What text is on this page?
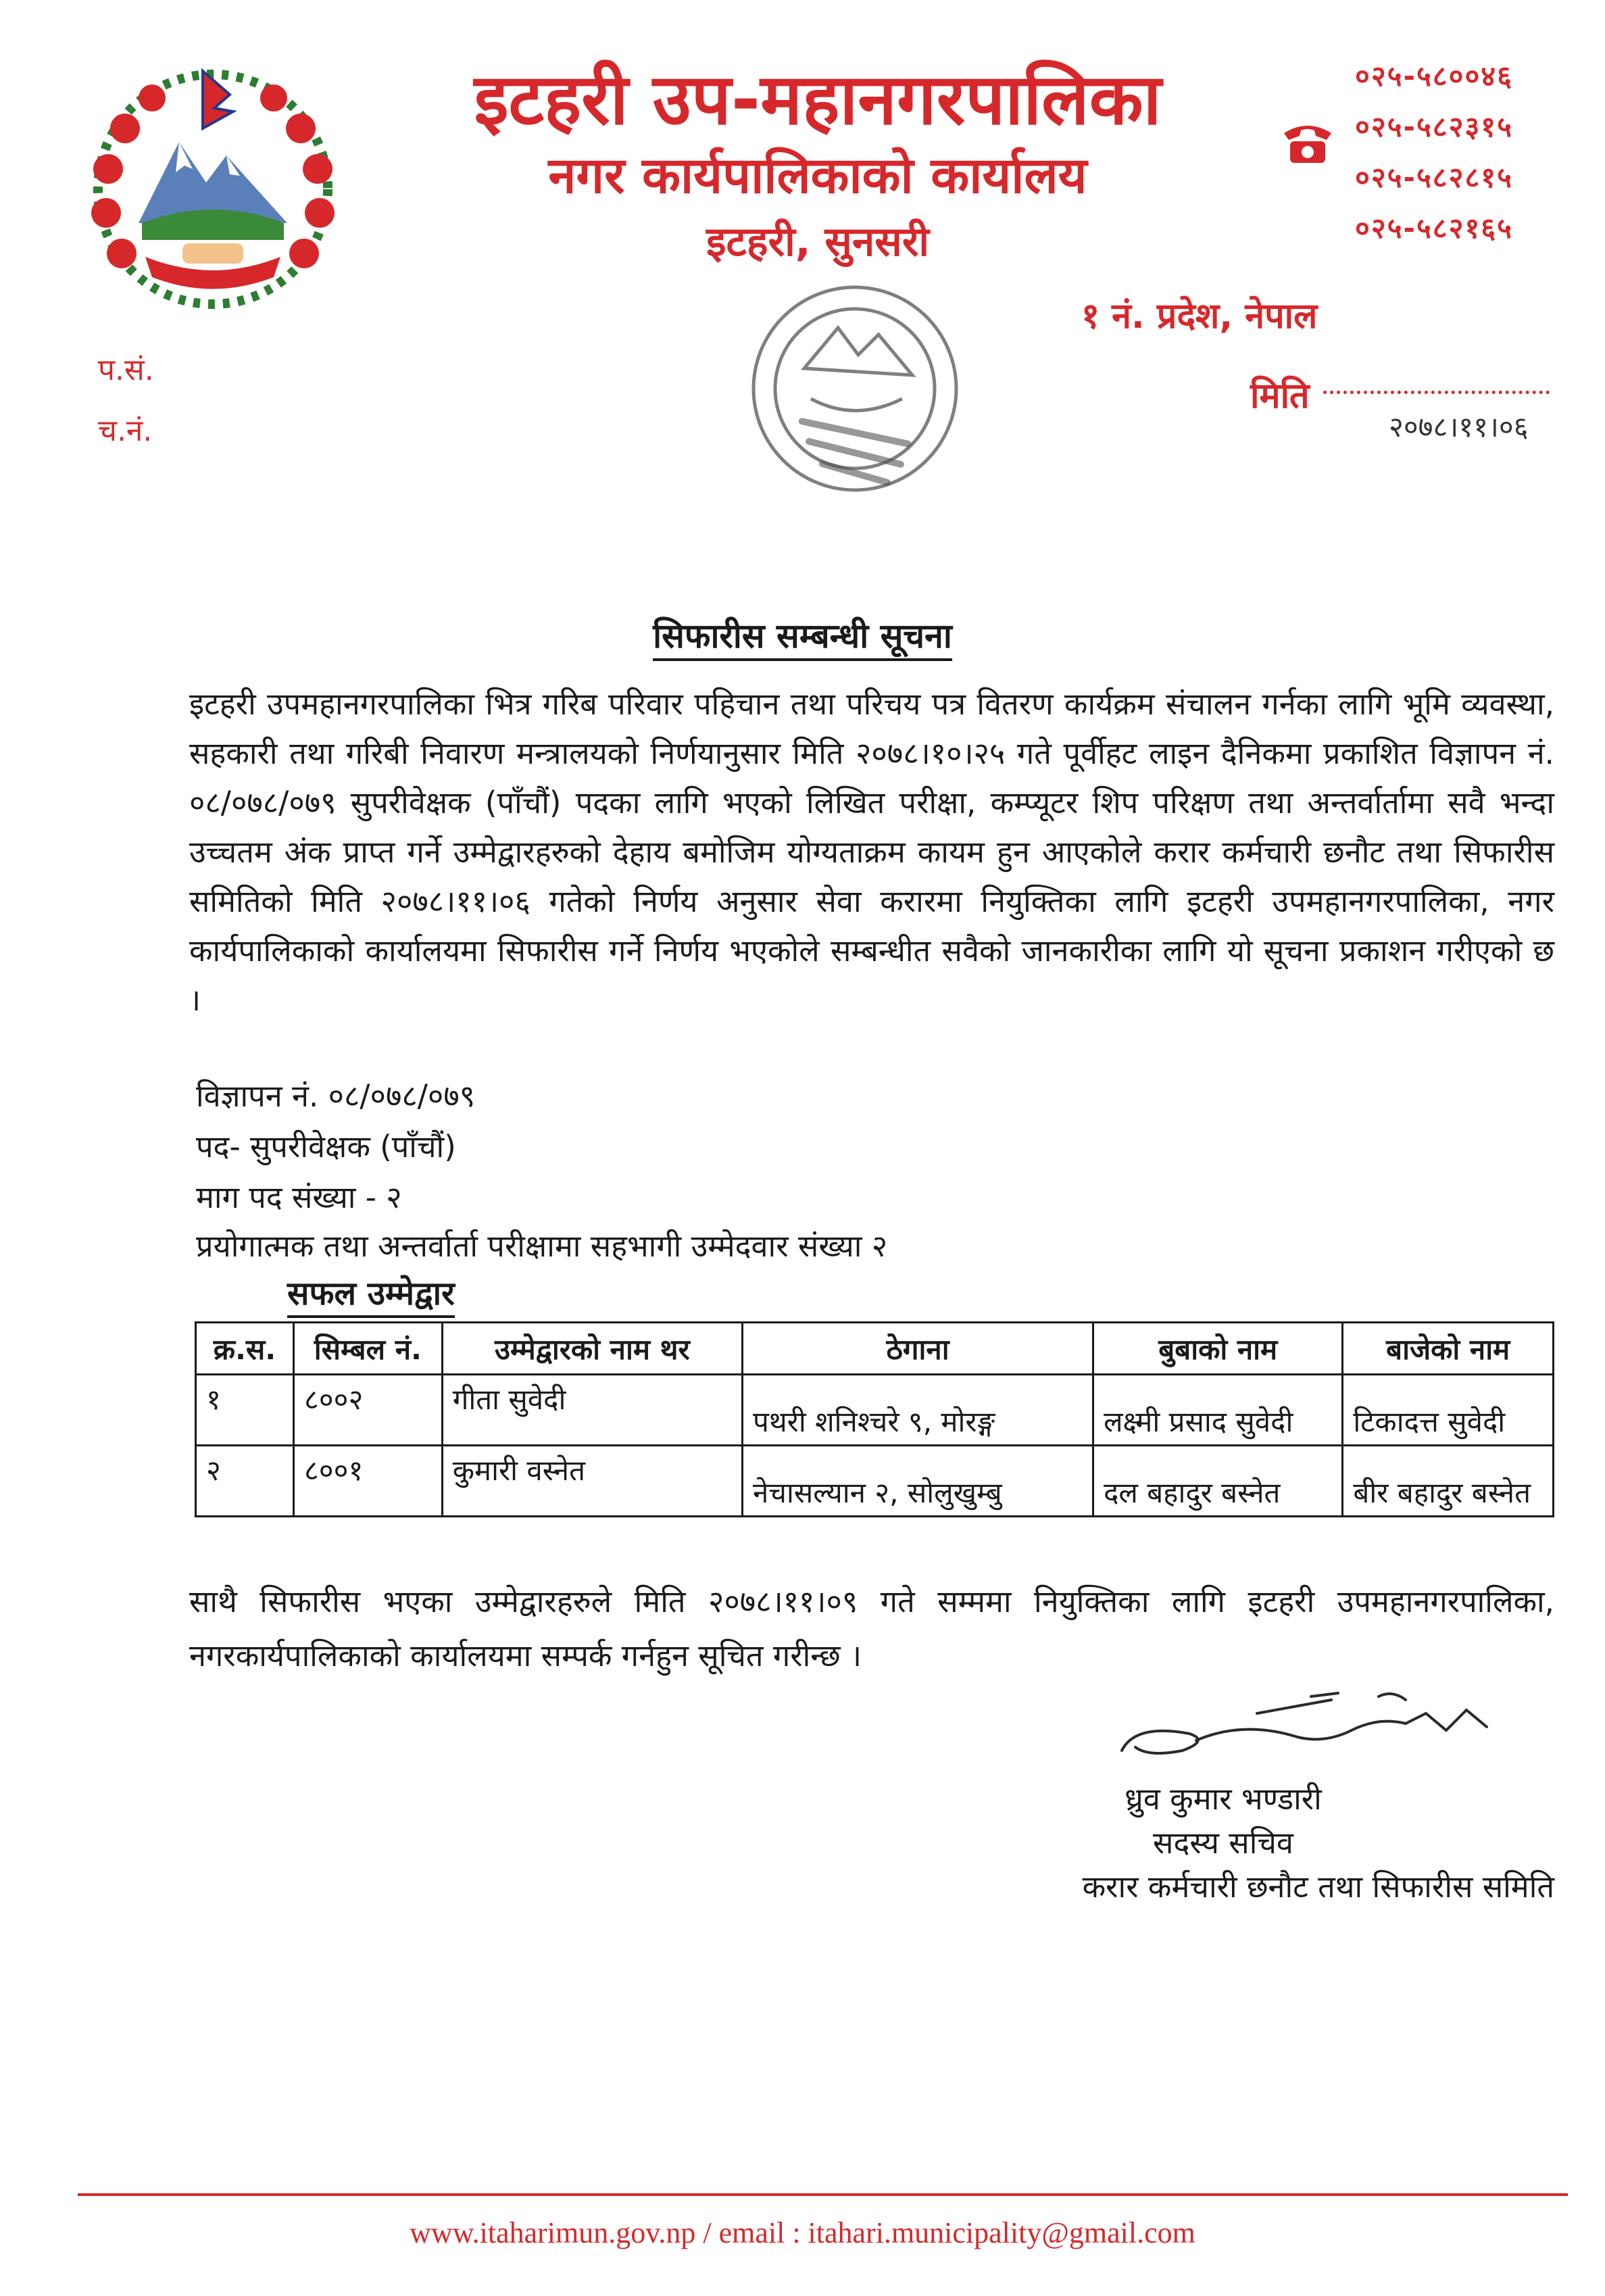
इटहरी उप-महानगरपालिका
नगर कार्यपालिकाको कार्यालय
इटहरी, सुनसरी
०२५-५८००४६
०२५-५८२३१५
०२५-५८२८१५
०२५-५८२१६५
१ नं. प्रदेश, नेपाल
मिति
२०७८।११।०६
प.सं.
च.नं.
सिफारीस सम्बन्धी सूचना
इटहरी उपमहानगरपालिका भित्र गरिब परिवार पहिचान तथा परिचय पत्र वितरण कार्यक्रम संचालन गर्नका लागि भूमि व्यवस्था, सहकारी तथा गरिबी निवारण मन्त्रालयको निर्णयानुसार मिति २०७८।१०।२५ गते पूर्वीहट लाइन दैनिकमा प्रकाशित विज्ञापन नं. ०८/०७८/०७९ सुपरीवेक्षक (पाँचौं) पदका लागि भएको लिखित परीक्षा, कम्प्यूटर शिप परिक्षण तथा अन्तर्वार्तामा सवै भन्दा उच्चतम अंक प्राप्त गर्ने उम्मेद्वारहरुको देहाय बमोजिम योग्यताक्रम कायम हुन आएकोले करार कर्मचारी छनौट तथा सिफारीस समितिको मिति २०७८।११।०६ गतेको निर्णय अनुसार सेवा करारमा नियुक्तिका लागि इटहरी उपमहानगरपालिका, नगर कार्यपालिकाको कार्यालयमा सिफारीस गर्ने निर्णय भएकोले सम्बन्धीत सवैको जानकारीका लागि यो सूचना प्रकाशन गरीएको छ ।
विज्ञापन नं. ०८/०७८/०७९
पद- सुपरीवेक्षक (पाँचौं)
माग पद संख्या - २
प्रयोगात्मक तथा अन्तर्वार्ता परीक्षामा सहभागी उम्मेदवार संख्या २
सफल उम्मेद्वार
क्र.स.	सिम्बल नं.	उम्मेद्वारको नाम थर	ठेगाना	बुबाको नाम	बाजेको नाम
१	८००२	गीता सुवेदी	पथरी शनिश्चरे ९, मोरङ्ग	लक्ष्मी प्रसाद सुवेदी	टिकादत्त सुवेदी
२	८००१	कुमारी वस्नेत	नेचासल्यान २, सोलुखुम्बु	दल बहादुर बस्नेत	बीर बहादुर बस्नेत
साथै सिफारीस भएका उम्मेद्वारहरुले मिति २०७८।११।०९ गते सम्ममा नियुक्तिका लागि इटहरी उपमहानगरपालिका, नगरकार्यपालिकाको कार्यालयमा सम्पर्क गर्नहुन सूचित गरीन्छ ।
ध्रुव कुमार भण्डारी
सदस्य सचिव
करार कर्मचारी छनौट तथा सिफारीस समिति
www.itaharimun.gov.np / email : itahari.municipality@gmail.com
